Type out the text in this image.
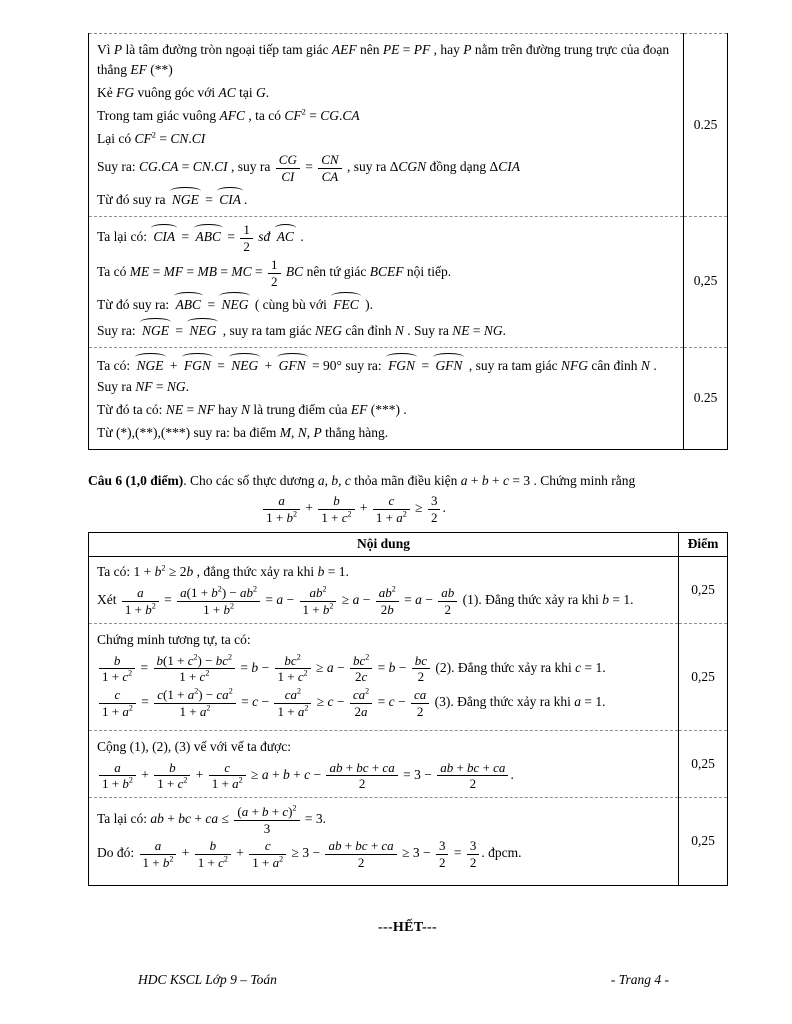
Vì P là tâm đường tròn ngoại tiếp tam giác AEF nên PE = PF , hay P nằm trên đường trung trực của đoạn thẳng EF (**)
Kẻ FG vuông góc với AC tại G.
Trong tam giác vuông AFC , ta có $CF^2 = CG.CA$
Lại có $CF^2 = CN.CI$
Suy ra: CG.CA = CN.CI , suy ra $\frac{CG}{CI} = \frac{CN}{CA}$ , suy ra ΔCGN đồng dạng ΔCIA
Từ đó suy ra NGE = CIA .
	0.25

Ta lại có: CIA = ABC = $\frac{1}{2}$ sđ AC .
Ta có ME = MF = MB = MC = $\frac{1}{2}$ BC nên tứ giác BCEF nội tiếp.
Từ đó suy ra: ABC = NEG ( cùng bù với FEC ).
Suy ra: NGE = NEG , suy ra tam giác NEG cân đỉnh N . Suy ra NE = NG.
	0,25

Ta có: NGE + FGN = NEG + GFN = 90° suy ra: FGN = GFN , suy ra tam giác NFG cân đỉnh N . Suy ra NF = NG.
Từ đó ta có: NE = NF hay N là trung điểm của EF (***) .
Từ (*),(**),(***) suy ra: ba điểm M, N, P thẳng hàng.	0.25

Câu 6 (1,0 điểm). Cho các số thực dương a, b, c thỏa mãn điều kiện a + b + c = 3 . Chứng minh rằng

$\frac{a}{1 + b^2} + \frac{b}{1 + c^2} + \frac{c}{1 + a^2} \ge \frac{3}{2}$ .
Nội dung	Điểm

Ta có: $1 + b^2 \ge 2b$ , đẳng thức xảy ra khi b = 1.
Xét $\frac{a}{1 + b^2} = \frac{a(1 + b^2) - ab^2}{1 + b^2} = a - \frac{ab^2}{1 + b^2} \ge a - \frac{ab^2}{2b} = a - \frac{ab}{2} (1)$. Đẳng thức xảy ra khi b = 1.
	0,25

Chứng minh tương tự, ta có:
$\frac{b}{1 + c^2} = \frac{b(1 + c^2) - bc^2}{1 + c^2} = b - \frac{bc^2}{1 + c^2} \ge a - \frac{bc^2}{2c} = b - \frac{bc}{2} (2)$. Đẳng thức xảy ra khi c = 1.
$\frac{c}{1 + a^2} = \frac{c(1 + a^2) - ca^2}{1 + a^2} = c - \frac{ca^2}{1 + a^2} \ge c - \frac{ca^2}{2a} = c - \frac{ca}{2} (3)$. Đẳng thức xảy ra khi a = 1.
	0,25

Cộng (1), (2), (3) vế với vế ta được:
$\frac{a}{1 + b^2} + \frac{b}{1 + c^2} + \frac{c}{1 + a^2} \ge a + b + c - \frac{ab + bc + ca}{2} = 3 - \frac{ab + bc + ca}{2}$ .
	0,25

Ta lại có: ab + bc + ca ≤ $\frac{(a + b + c)^2}{3} = 3$.
Do đó: $\frac{a}{1 + b^2} + \frac{b}{1 + c^2} + \frac{c}{1 + a^2} \ge 3 - \frac{ab + bc + ca}{2} \ge 3 - \frac{3}{2} = \frac{3}{2}$ . đpcm.
	0,25
---HẾT---
HDC KSCL Lớp 9 – Toán	- Trang 4 -
